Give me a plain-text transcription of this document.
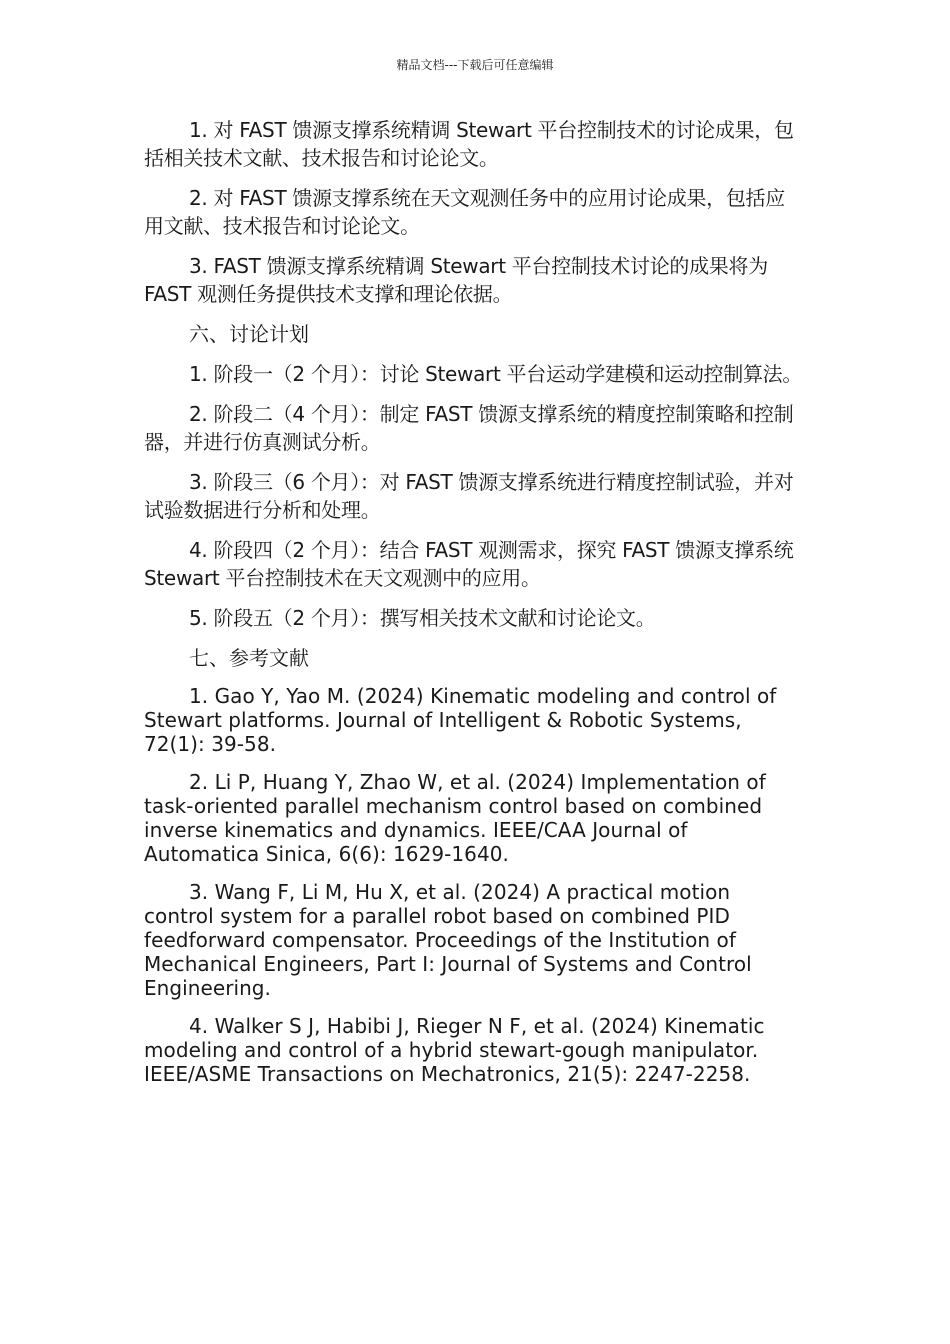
精品文档---下载后可任意编辑

1. 对 FAST 馈源支撑系统精调 Stewart 平台控制技术的讨论成果，包括相关技术文献、技术报告和讨论论文。

2. 对 FAST 馈源支撑系统在天文观测任务中的应用讨论成果，包括应用文献、技术报告和讨论论文。

3. FAST 馈源支撑系统精调 Stewart 平台控制技术讨论的成果将为 FAST 观测任务提供技术支撑和理论依据。

六、讨论计划

1. 阶段一（2 个月）：讨论 Stewart 平台运动学建模和运动控制算法。

2. 阶段二（4 个月）：制定 FAST 馈源支撑系统的精度控制策略和控制器，并进行仿真测试分析。

3. 阶段三（6 个月）：对 FAST 馈源支撑系统进行精度控制试验，并对试验数据进行分析和处理。

4. 阶段四（2 个月）：结合 FAST 观测需求，探究 FAST 馈源支撑系统 Stewart 平台控制技术在天文观测中的应用。

5. 阶段五（2 个月）：撰写相关技术文献和讨论论文。

七、参考文献

1. Gao Y, Yao M. (2024) Kinematic modeling and control of Stewart platforms. Journal of Intelligent & Robotic Systems, 72(1): 39-58.

2. Li P, Huang Y, Zhao W, et al. (2024) Implementation of task-oriented parallel mechanism control based on combined inverse kinematics and dynamics. IEEE/CAA Journal of Automatica Sinica, 6(6): 1629-1640.

3. Wang F, Li M, Hu X, et al. (2024) A practical motion control system for a parallel robot based on combined PID feedforward compensator. Proceedings of the Institution of Mechanical Engineers, Part I: Journal of Systems and Control Engineering.

4. Walker S J, Habibi J, Rieger N F, et al. (2024) Kinematic modeling and control of a hybrid stewart-gough manipulator. IEEE/ASME Transactions on Mechatronics, 21(5): 2247-2258.
